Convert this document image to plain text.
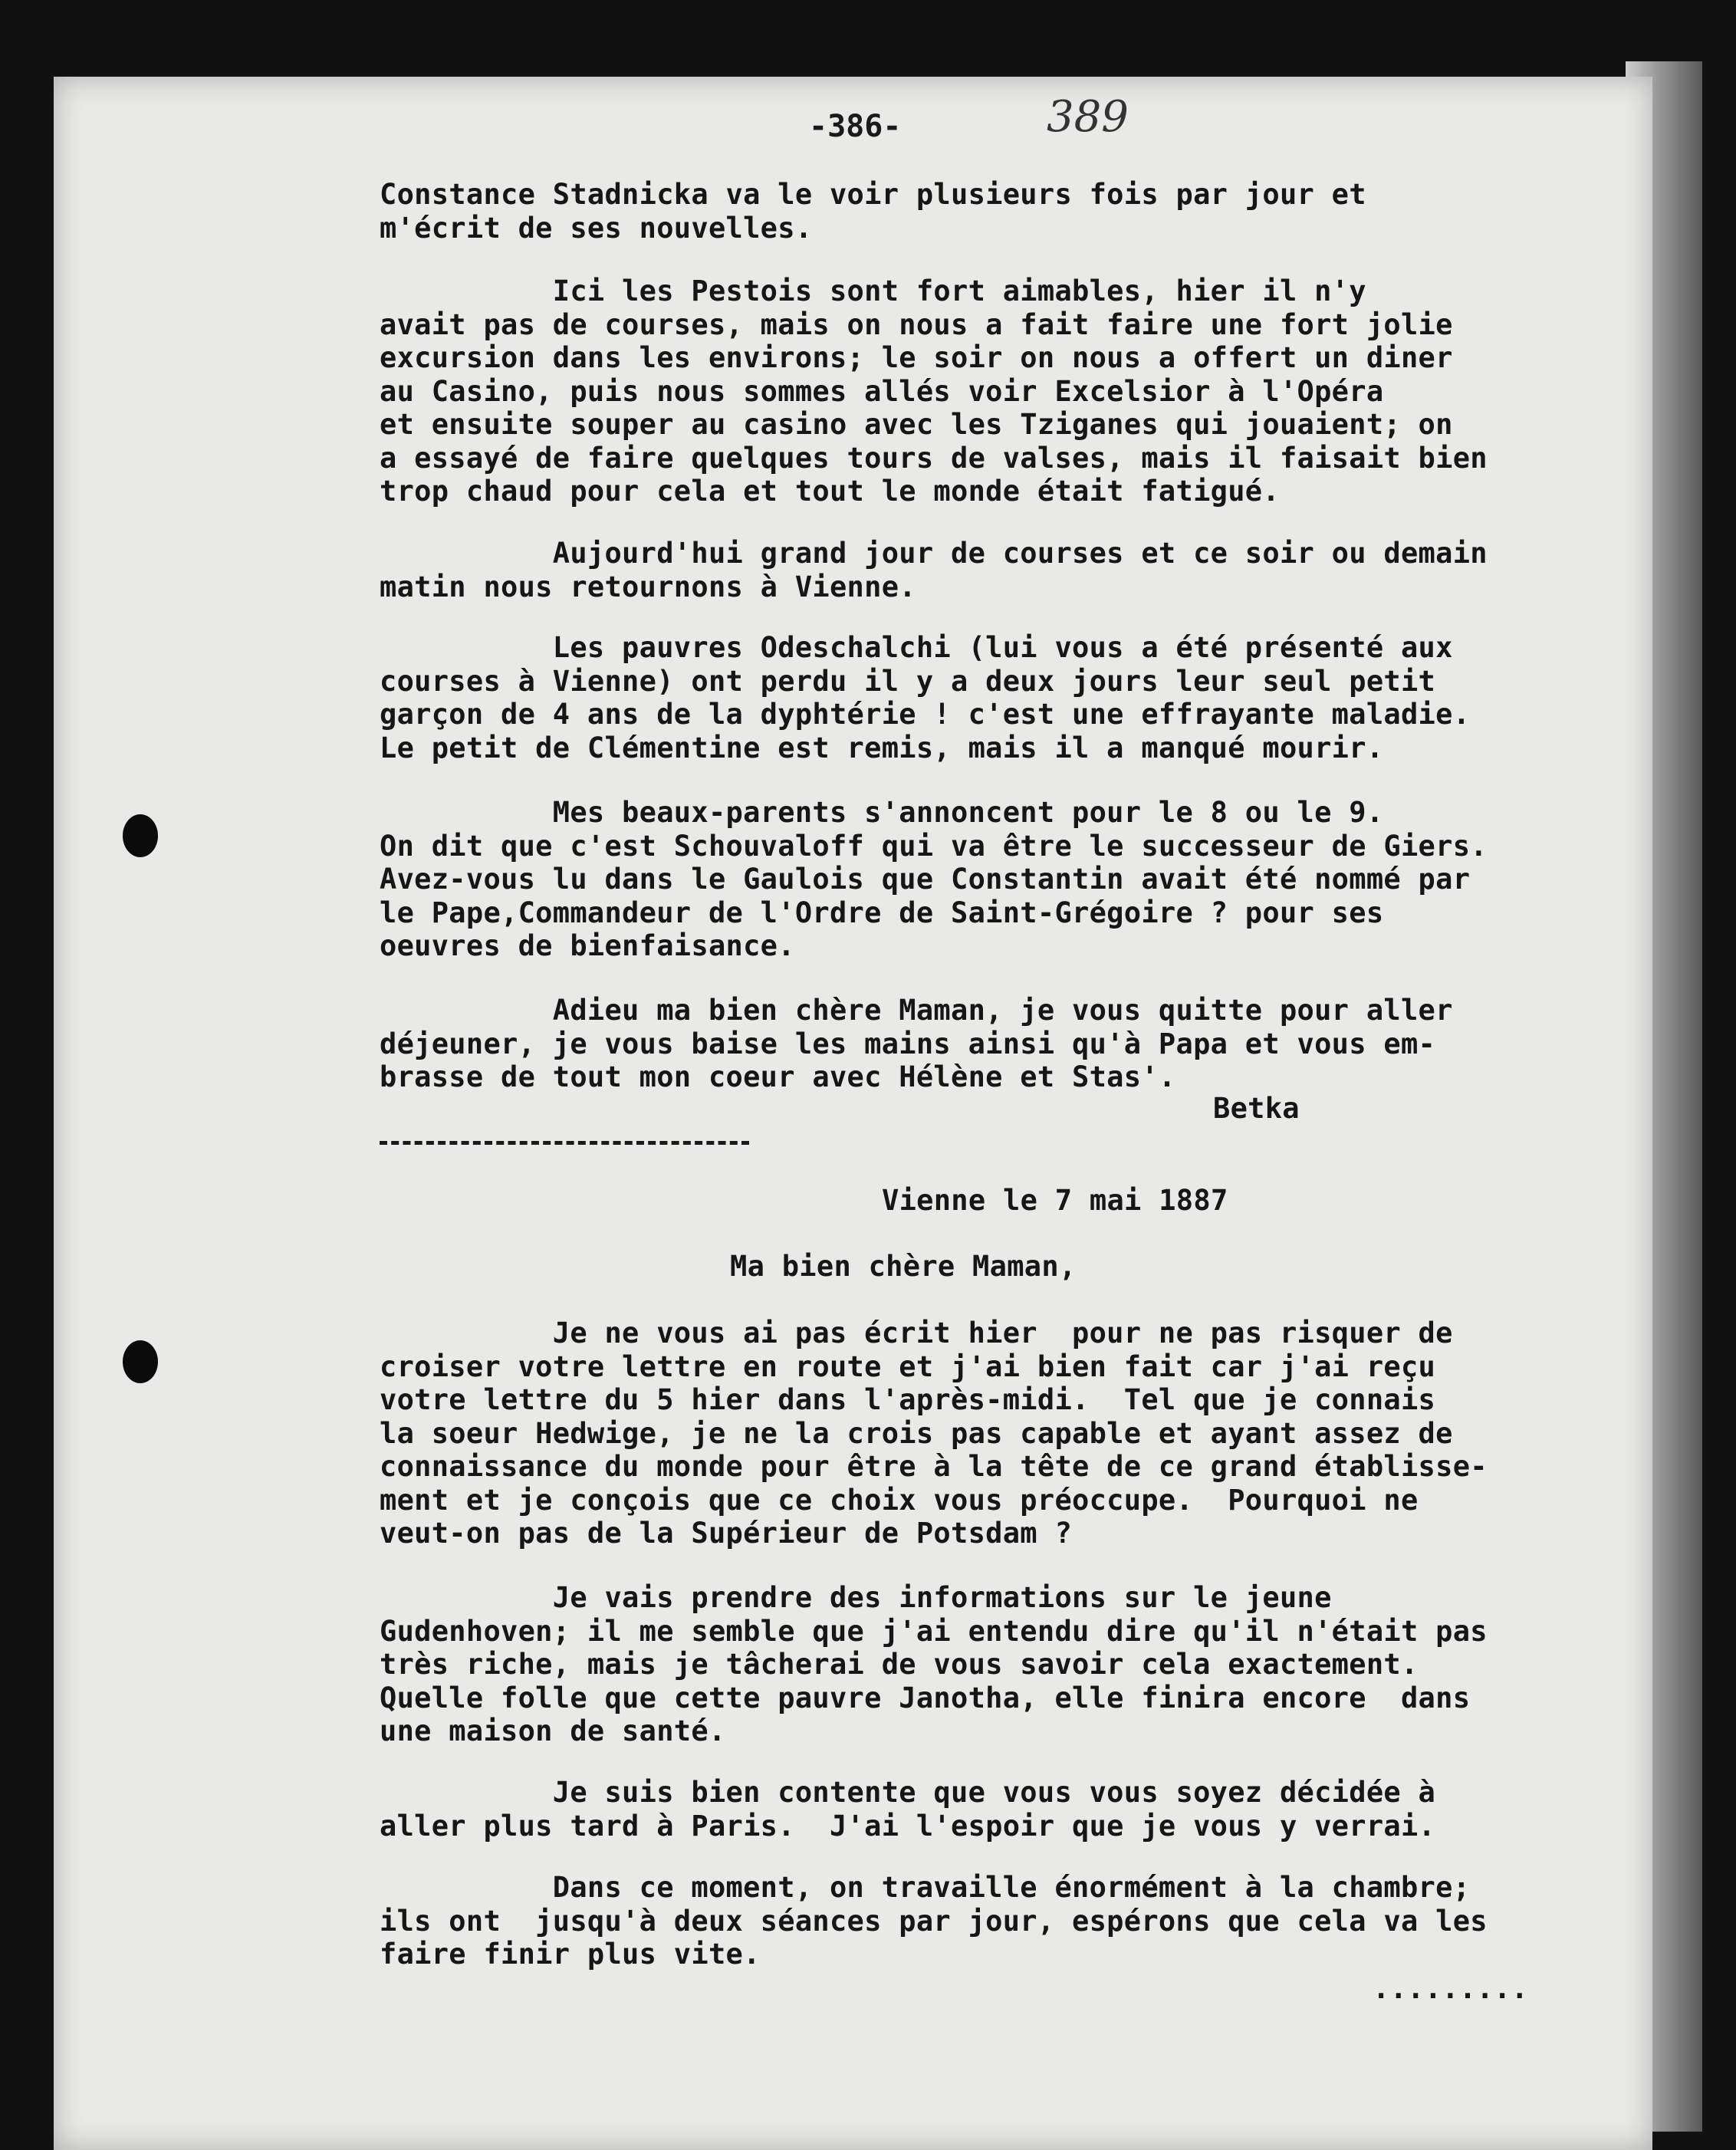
-386-	389
Constance Stadnicka va le voir plusieurs fois par jour et
m'écrit de ses nouvelles.
Ici les Pestois sont fort aimables, hier il n'y
avait pas de courses, mais on nous a fait faire une fort jolie
excursion dans les environs; le soir on nous a offert un diner
au Casino, puis nous sommes allés voir Excelsior à l'Opéra
et ensuite souper au casino avec les Tziganes qui jouaient; on
a essayé de faire quelques tours de valses, mais il faisait bien
trop chaud pour cela et tout le monde était fatigué.
Aujourd'hui grand jour de courses et ce soir ou demain
matin nous retournons à Vienne.
Les pauvres Odeschalchi (lui vous a été présenté aux
courses à Vienne) ont perdu il y a deux jours leur seul petit
garçon de 4 ans de la dyphtérie ! c'est une effrayante maladie.
Le petit de Clémentine est remis, mais il a manqué mourir.
Mes beaux-parents s'annoncent pour le 8 ou le 9.
On dit que c'est Schouvaloff qui va être le successeur de Giers.
Avez-vous lu dans le Gaulois que Constantin avait été nommé par
le Pape,Commandeur de l'Ordre de Saint-Grégoire ? pour ses
oeuvres de bienfaisance.
Adieu ma bien chère Maman, je vous quitte pour aller
déjeuner, je vous baise les mains ainsi qu'à Papa et vous em-
brasse de tout mon coeur avec Hélène et Stas'.
Betka
Vienne le 7 mai 1887
Ma bien chère Maman,
Je ne vous ai pas écrit hier  pour ne pas risquer de
croiser votre lettre en route et j'ai bien fait car j'ai reçu
votre lettre du 5 hier dans l'après-midi.  Tel que je connais
la soeur Hedwige, je ne la crois pas capable et ayant assez de
connaissance du monde pour être à la tête de ce grand établisse-
ment et je conçois que ce choix vous préoccupe.  Pourquoi ne
veut-on pas de la Supérieur de Potsdam ?
Je vais prendre des informations sur le jeune
Gudenhoven; il me semble que j'ai entendu dire qu'il n'était pas
très riche, mais je tâcherai de vous savoir cela exactement.
Quelle folle que cette pauvre Janotha, elle finira encore  dans
une maison de santé.
Je suis bien contente que vous vous soyez décidée à
aller plus tard à Paris.  J'ai l'espoir que je vous y verrai.
Dans ce moment, on travaille énormément à la chambre;
ils ont  jusqu'à deux séances par jour, espérons que cela va les
faire finir plus vite.
.........
